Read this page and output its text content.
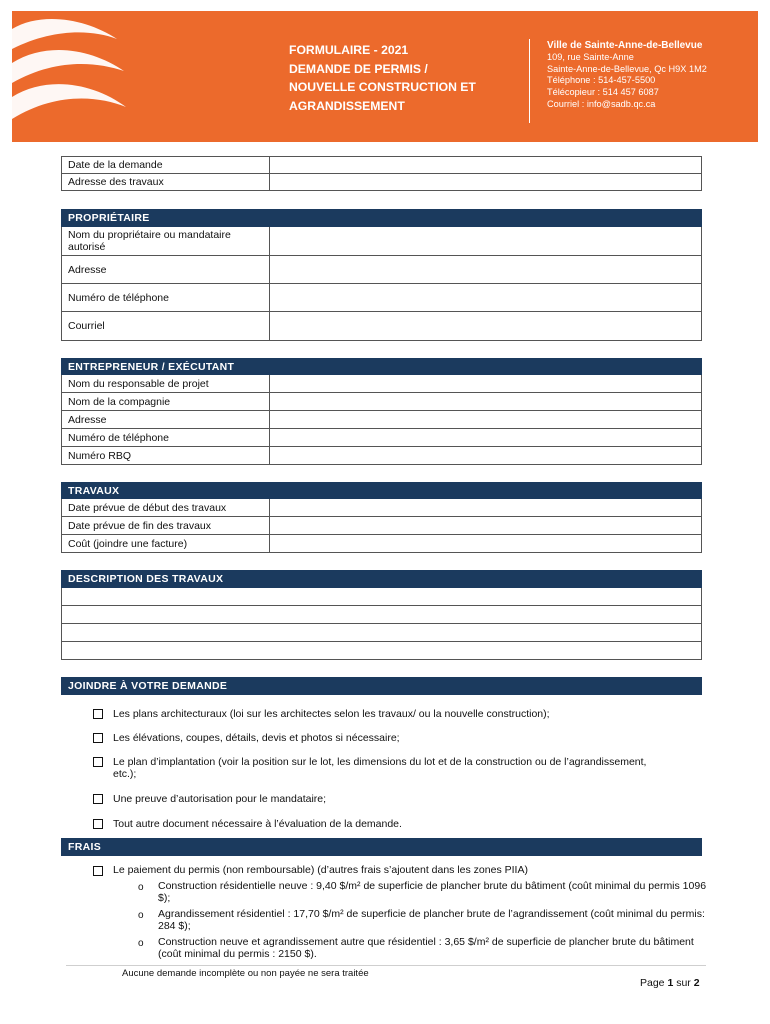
FORMULAIRE - 2021
DEMANDE DE PERMIS /
NOUVELLE CONSTRUCTION ET
AGRANDISSEMENT
Ville de Sainte-Anne-de-Bellevue
109, rue Sainte-Anne
Sainte-Anne-de-Bellevue, Qc H9X 1M2
Téléphone : 514-457-5500
Télécopieur : 514 457 6087
Courriel : info@sadb.qc.ca
Date de la demande	
Adresse des travaux	
PROPRIÉTAIRE	
Nom du propriétaire ou mandataire autorisé	
Adresse	
Numéro de téléphone	
Courriel	
ENTREPRENEUR / EXÉCUTANT	
Nom du responsable de projet	
Nom de la compagnie	
Adresse	
Numéro de téléphone	
Numéro RBQ	
TRAVAUX	
Date prévue de début des travaux	
Date prévue de fin des travaux	
Coût (joindre une facture)	
DESCRIPTION DES TRAVAUX

JOINDRE À VOTRE DEMANDE
Les plans architecturaux (loi sur les architectes selon les travaux/ ou la nouvelle construction);
Les élévations, coupes, détails, devis et photos si nécessaire;
Le plan d’implantation (voir la position sur le lot, les dimensions du lot et de la construction ou de l’agrandissement, etc.);
Une preuve d’autorisation pour le mandataire;
Tout autre document nécessaire à l’évaluation de la demande.
FRAIS
Le paiement du permis (non remboursable) (d’autres frais s’ajoutent dans les zones PIIA)
o Construction résidentielle neuve : 9,40 $/m² de superficie de plancher brute du bâtiment (coût minimal du permis 1096 $);
o Agrandissement résidentiel : 17,70 $/m² de superficie de plancher brute de l’agrandissement (coût minimal du permis: 284 $);
o Construction neuve et agrandissement autre que résidentiel : 3,65 $/m² de superficie de plancher brute du bâtiment (coût minimal du permis : 2150 $).
Aucune demande incomplète ou non payée ne sera traitée
Page 1 sur 2
